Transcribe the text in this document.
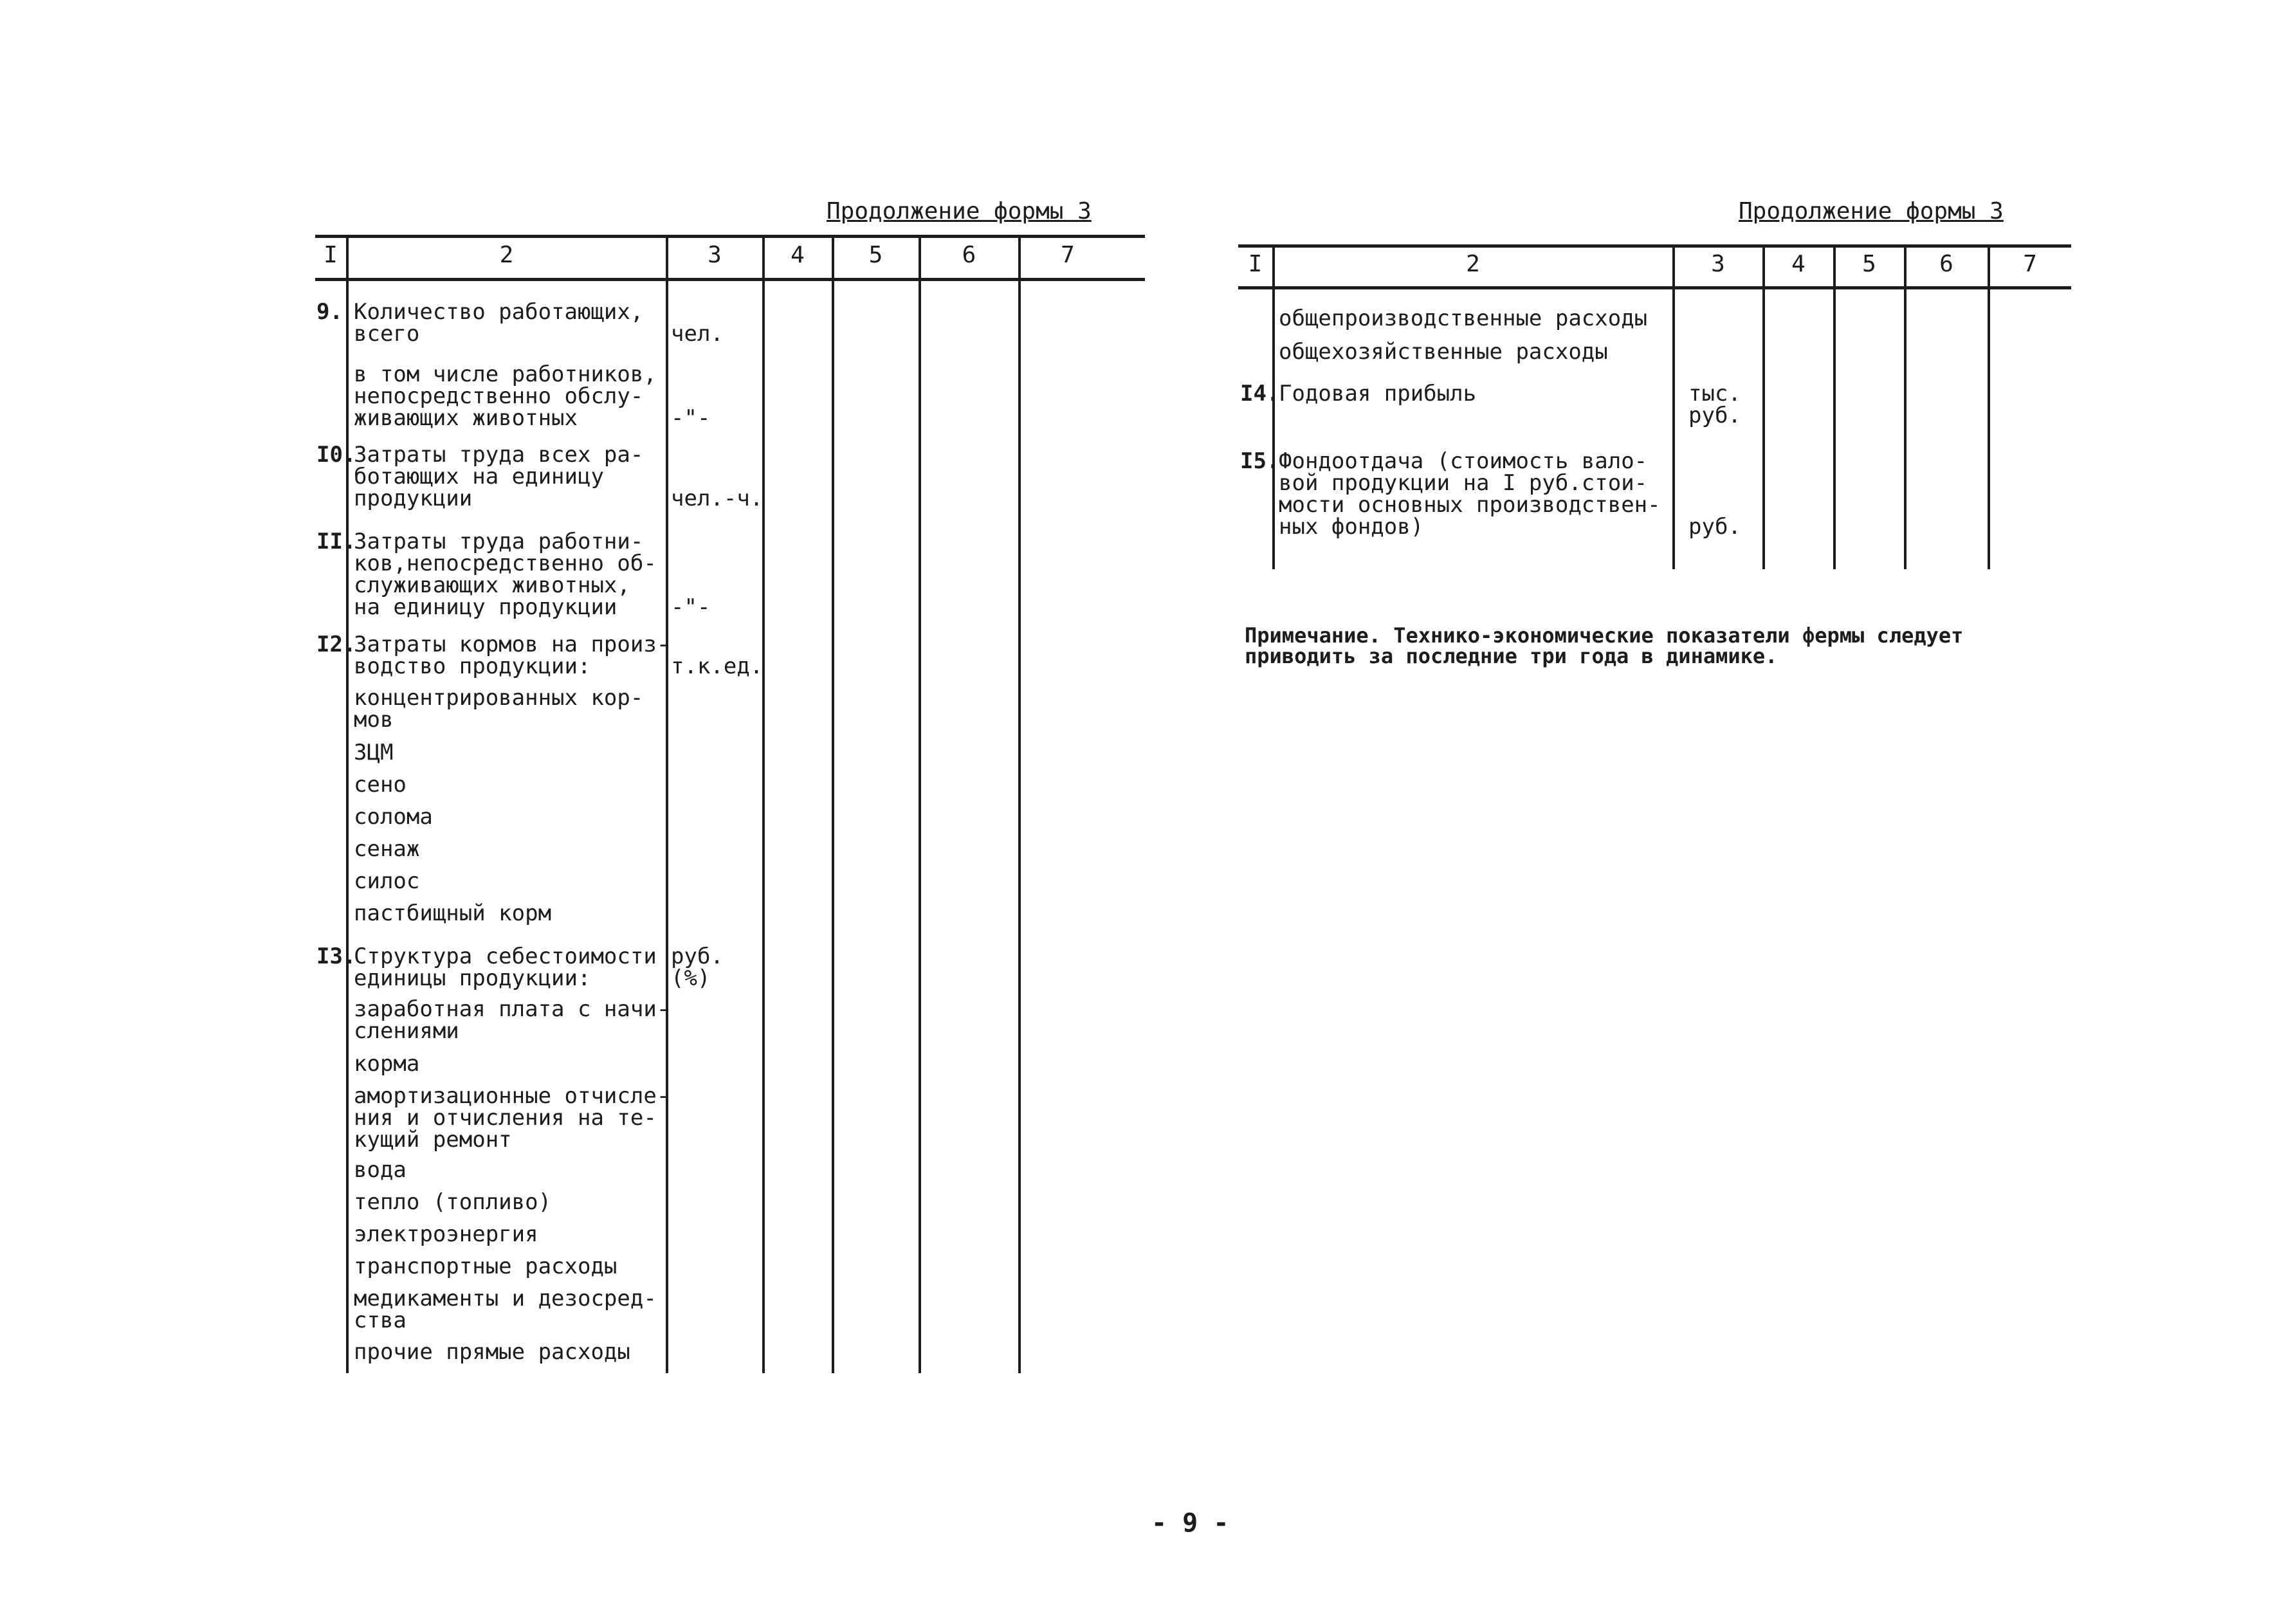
Продолжение формы 3
I	2	3	4	5	6	7
9. Количество работающих,
всего	чел.
в том числе работников,
непосредственно обслу-
живающих животных	-"-
I0.
Затраты труда всех ра-
ботающих на единицу
продукции	чел.-ч.
II.
Затраты труда работни-
ков,непосредственно об-
служивающих животных,
на единицу продукции	-"-
I2.
Затраты кормов на произ-
водство продукции:	т.к.ед.
концентрированных кор-
мов
ЗЦМ
сено
солома
сенаж
силос
пастбищный корм
I3.
Структура себестоимости
единицы продукции:
руб.
(%)
заработная плата с начи-
слениями
корма
амортизационные отчисле-
ния и отчисления на те-
кущий ремонт
вода
тепло (топливо)
электроэнергия
транспортные расходы
медикаменты и дезосред-
ства
прочие прямые расходы
Продолжение формы 3
I	2	3	4	5	6	7
общепроизводственные расходы
общехозяйственные расходы
I4.
Годовая прибыль	тыс.
руб.
I5.
Фондоотдача (стоимость вало-
вой продукции на I руб.стои-
мости основных производствен-
ных фондов)	руб.
Примечание. Технико-экономические показатели фермы следует
приводить за последние три года в динамике.
- 9 -
